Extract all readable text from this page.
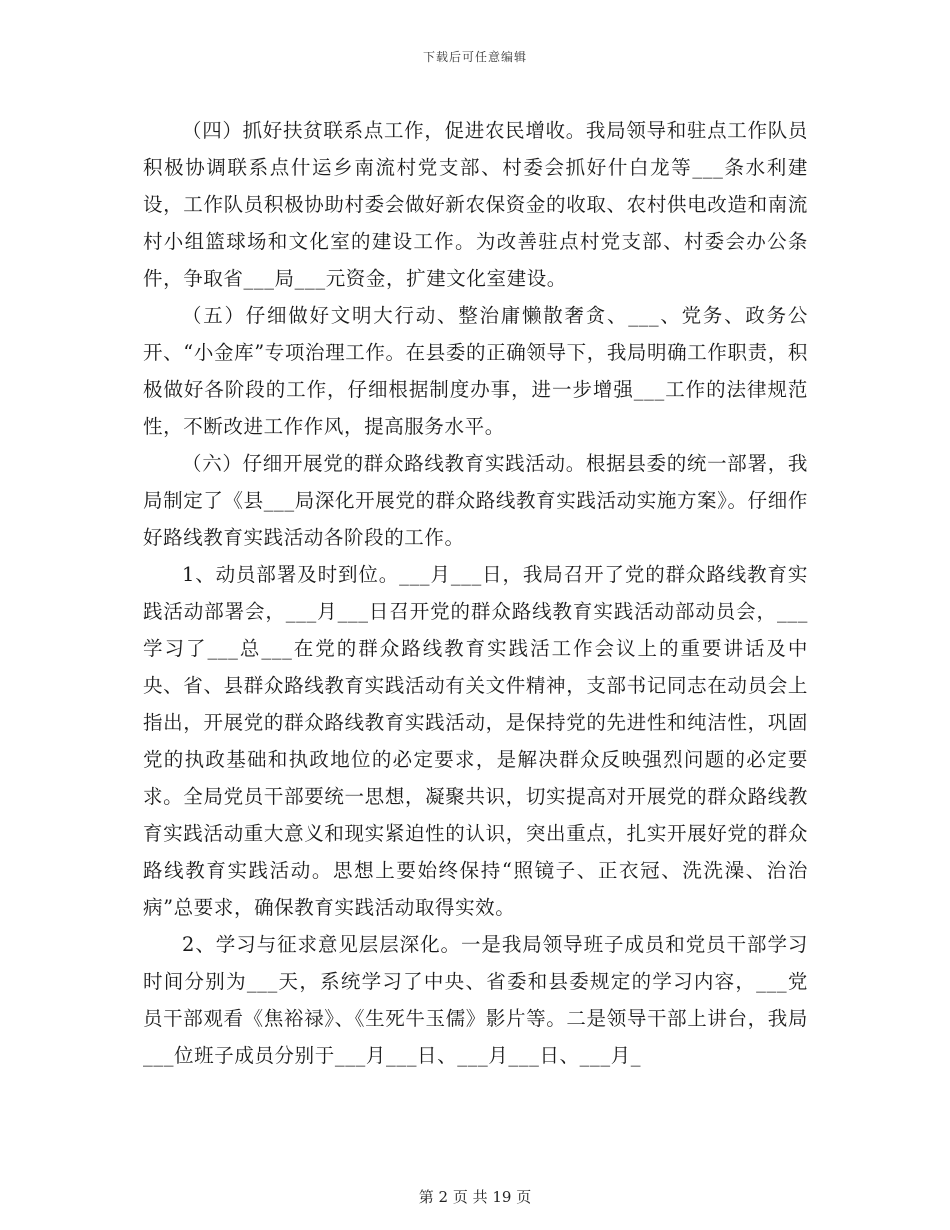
下载后可任意编辑

（四）抓好扶贫联系点工作，促进农民增收。我局领导和驻点工作队员积极协调联系点什运乡南流村党支部、村委会抓好什白龙等___条水利建设，工作队员积极协助村委会做好新农保资金的收取、农村供电改造和南流村小组篮球场和文化室的建设工作。为改善驻点村党支部、村委会办公条件，争取省___局___元资金，扩建文化室建设。

（五）仔细做好文明大行动、整治庸懒散奢贪、___、党务、政务公开、“小金库”专项治理工作。在县委的正确领导下，我局明确工作职责，积极做好各阶段的工作，仔细根据制度办事，进一步增强___工作的法律规范性，不断改进工作作风，提高服务水平。

（六）仔细开展党的群众路线教育实践活动。根据县委的统一部署，我局制定了《县___局深化开展党的群众路线教育实践活动实施方案》。仔细作好路线教育实践活动各阶段的工作。

1、动员部署及时到位。___月___日，我局召开了党的群众路线教育实践活动部署会，___月___日召开党的群众路线教育实践活动部动员会，___学习了___总___在党的群众路线教育实践活工作会议上的重要讲话及中央、省、县群众路线教育实践活动有关文件精神，支部书记同志在动员会上指出，开展党的群众路线教育实践活动，是保持党的先进性和纯洁性，巩固党的执政基础和执政地位的必定要求，是解决群众反映强烈问题的必定要求。全局党员干部要统一思想，凝聚共识，切实提高对开展党的群众路线教育实践活动重大意义和现实紧迫性的认识，突出重点，扎实开展好党的群众路线教育实践活动。思想上要始终保持“照镜子、正衣冠、洗洗澡、治治病”总要求，确保教育实践活动取得实效。

2、学习与征求意见层层深化。一是我局领导班子成员和党员干部学习时间分别为___天，系统学习了中央、省委和县委规定的学习内容，___党员干部观看《焦裕禄》、《生死牛玉儒》影片等。二是领导干部上讲台，我局___位班子成员分别于___月___日、___月___日、___月_

第 2 页 共 19 页
